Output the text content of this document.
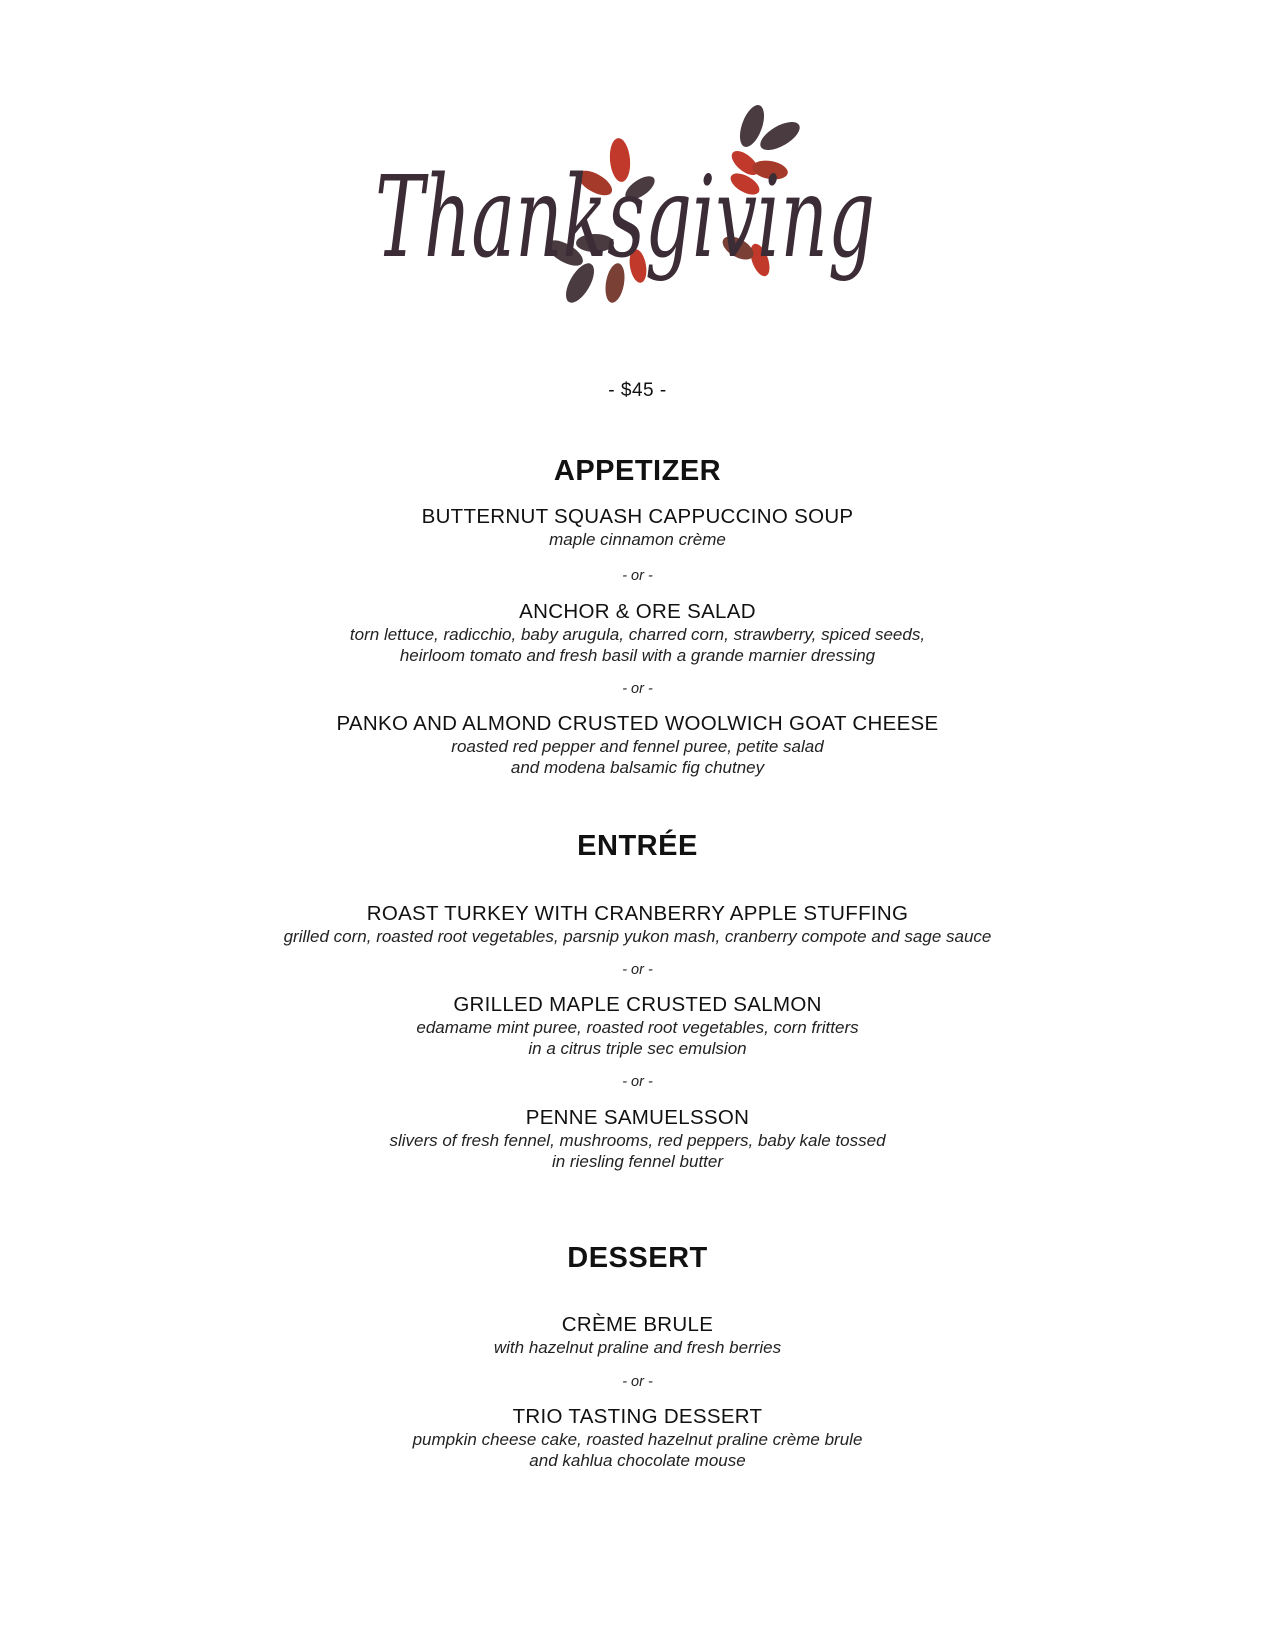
Thanksgiving
- $45 -
APPETIZER
BUTTERNUT SQUASH CAPPUCCINO SOUP
maple cinnamon crème
- or -
ANCHOR & ORE SALAD
torn lettuce, radicchio, baby arugula, charred corn, strawberry, spiced seeds,
heirloom tomato and fresh basil with a grande marnier dressing
- or -
PANKO AND ALMOND CRUSTED WOOLWICH GOAT CHEESE
roasted red pepper and fennel puree, petite salad
and modena balsamic fig chutney
ENTRÉE
ROAST TURKEY WITH CRANBERRY APPLE STUFFING
grilled corn, roasted root vegetables, parsnip yukon mash, cranberry compote and sage sauce
- or -
GRILLED MAPLE CRUSTED SALMON
edamame mint puree, roasted root vegetables, corn fritters
in a citrus triple sec emulsion
- or -
PENNE SAMUELSSON
slivers of fresh fennel, mushrooms, red peppers, baby kale tossed
in riesling fennel butter
DESSERT
CRÈME BRULE
with hazelnut praline and fresh berries
- or -
TRIO TASTING DESSERT
pumpkin cheese cake, roasted hazelnut praline crème brule
and kahlua chocolate mouse
